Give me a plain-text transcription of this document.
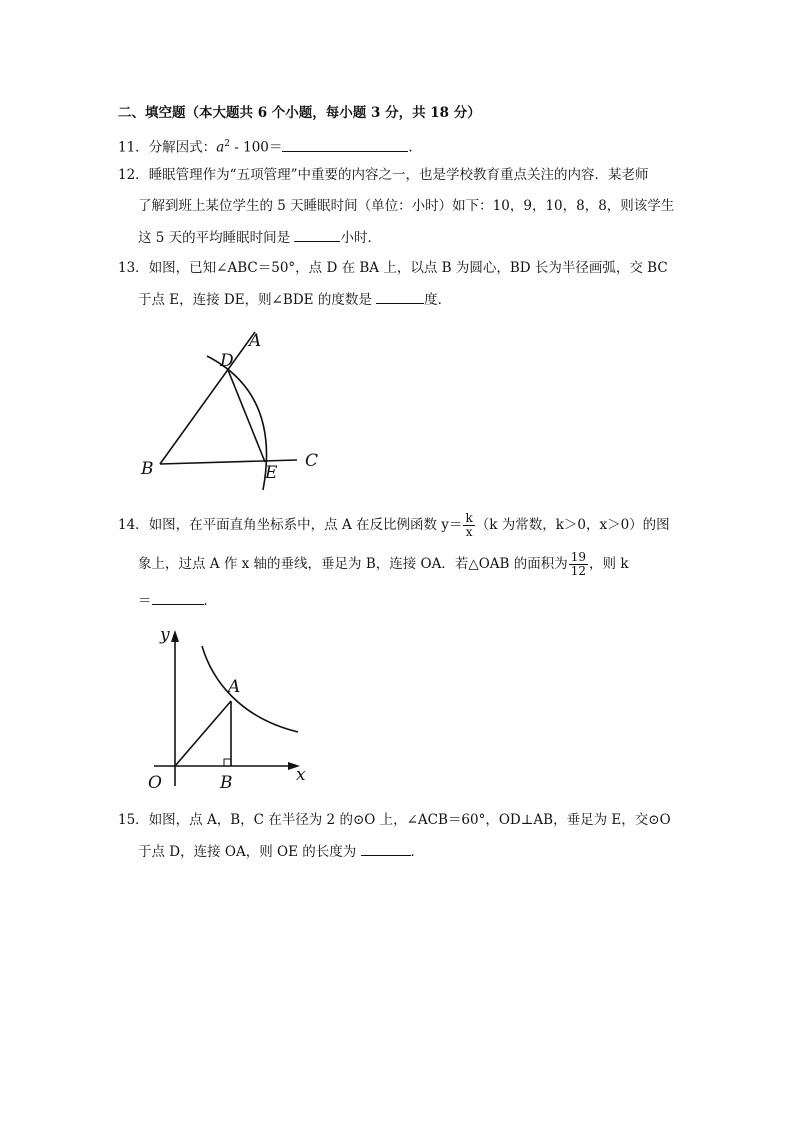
二、填空题（本大题共 6 个小题，每小题 3 分，共 18 分）
11．分解因式：$a^2 - 100=$	.
12．睡眠管理作为“五项管理”中重要的内容之一，也是学校教育重点关注的内容．某老师
了解到班上某位学生的 5 天睡眠时间（单位：小时）如下：10，9，10，8，8，则该学生
这 5 天的平均睡眠时间是	小时．
13．如图，已知∠ABC＝50°，点 D 在 BA 上，以点 B 为圆心，BD 长为半径画弧，交 BC
于点 E，连接 DE，则∠BDE 的度数是	度．
A
D
B	E
C
14．如图，在平面直角坐标系中，点 A 在反比例函数 $y= \frac{k}{x} (k$ 为常数，k＞0，x＞0）的图
象上，过点 A 作 x 轴的垂线，垂足为 B，连接 OA．若△OAB 的面积为 $\frac{19}{12}$ ，则 k
＝	．
y
x
O
A
B
15．如图，点 A，B，C 在半径为 2 的⊙O 上，∠ACB＝60°，OD⊥AB，垂足为 E，交⊙O
于点 D，连接 OA，则 OE 的长度为	．
